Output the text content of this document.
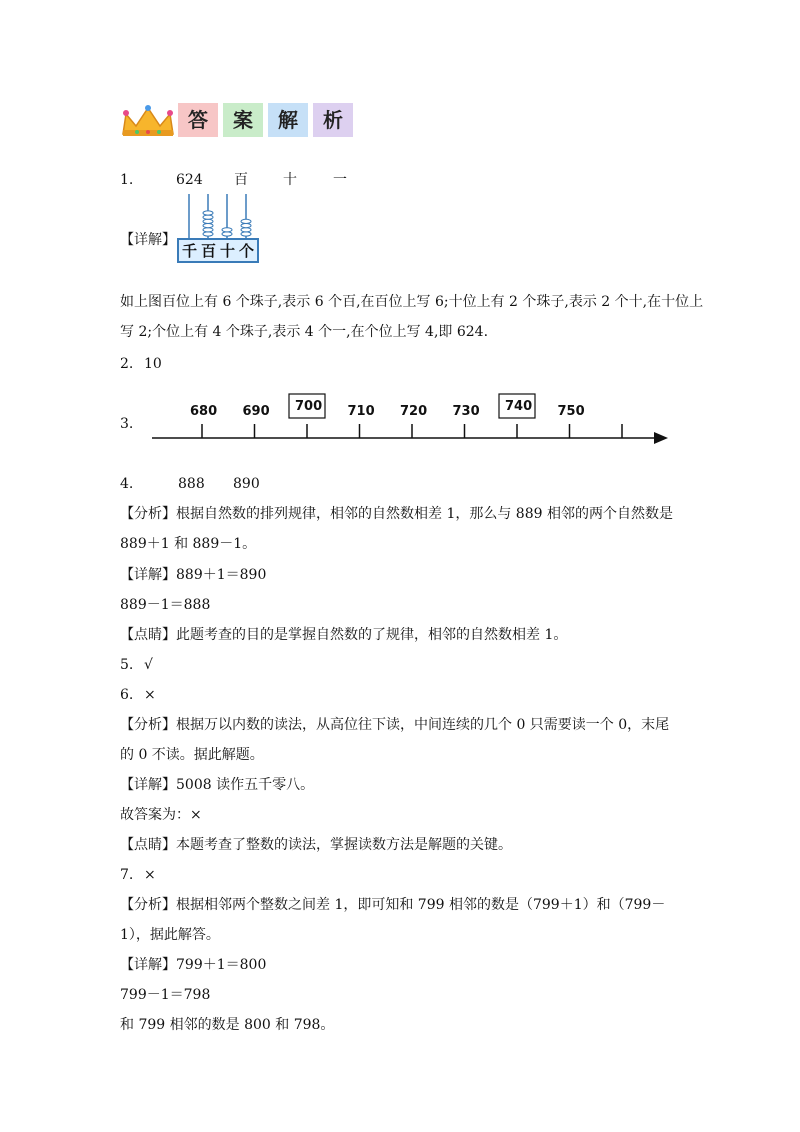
答	案	解	析
1.	624 百	十	一
【详解】
千 百 十 个
如上图百位上有 6 个珠子,表示 6 个百,在百位上写 6;十位上有 2 个珠子,表示 2 个十,在十位上
写 2;个位上有 4 个珠子,表示 4 个一,在个位上写 4,即 624.
2. 10
3.
680 690 700 710 720 730 740 750
4.	888 890
【分析】根据自然数的排列规律，相邻的自然数相差 1，那么与 889 相邻的两个自然数是
889＋1 和 889－1。
【详解】889＋1＝890
889－1＝888
【点睛】此题考查的目的是掌握自然数的了规律，相邻的自然数相差 1。
5. √
6. ×
【分析】根据万以内数的读法，从高位往下读，中间连续的几个 0 只需要读一个 0，末尾
的 0 不读。据此解题。
【详解】5008 读作五千零八。
故答案为：×
【点睛】本题考查了整数的读法，掌握读数方法是解题的关键。
7. ×
【分析】根据相邻两个整数之间差 1，即可知和 799 相邻的数是（799＋1）和（799－
1），据此解答。
【详解】799＋1＝800
799－1＝798
和 799 相邻的数是 800 和 798。
